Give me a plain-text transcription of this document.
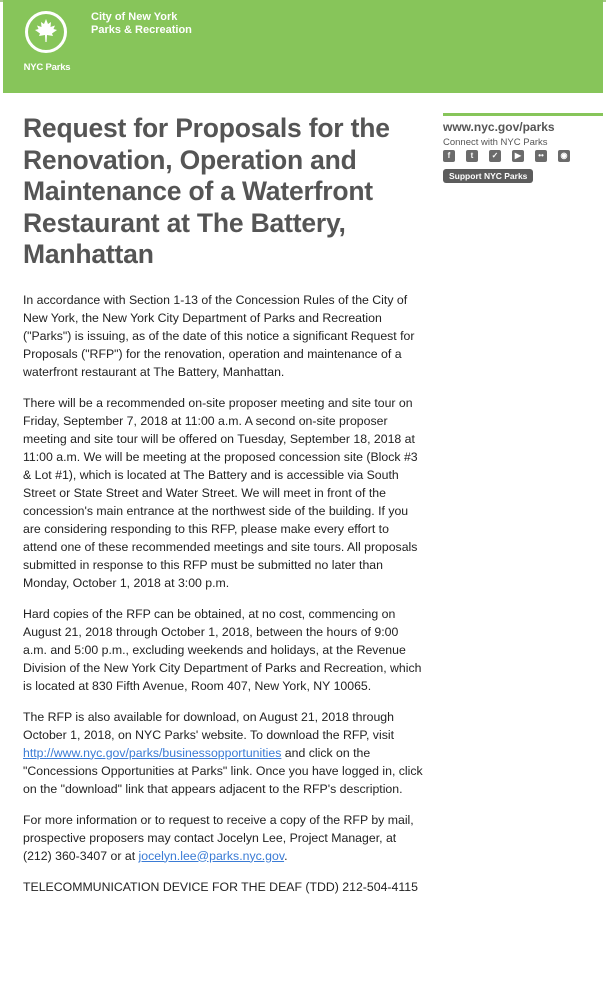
NYC Parks
City of New York
Parks & Recreation
Request for Proposals for the Renovation, Operation and Maintenance of a Waterfront Restaurant at The Battery, Manhattan

In accordance with Section 1-13 of the Concession Rules of the City of New York, the New York City Department of Parks and Recreation ("Parks") is issuing, as of the date of this notice a significant Request for Proposals ("RFP") for the renovation, operation and maintenance of a waterfront restaurant at The Battery, Manhattan.

There will be a recommended on-site proposer meeting and site tour on Friday, September 7, 2018 at 11:00 a.m. A second on-site proposer meeting and site tour will be offered on Tuesday, September 18, 2018 at 11:00 a.m. We will be meeting at the proposed concession site (Block #3 & Lot #1), which is located at The Battery and is accessible via South Street or State Street and Water Street. We will meet in front of the concession's main entrance at the northwest side of the building. If you are considering responding to this RFP, please make every effort to attend one of these recommended meetings and site tours. All proposals submitted in response to this RFP must be submitted no later than Monday, October 1, 2018 at 3:00 p.m.

Hard copies of the RFP can be obtained, at no cost, commencing on August 21, 2018 through October 1, 2018, between the hours of 9:00 a.m. and 5:00 p.m., excluding weekends and holidays, at the Revenue Division of the New York City Department of Parks and Recreation, which is located at 830 Fifth Avenue, Room 407, New York, NY 10065.

The RFP is also available for download, on August 21, 2018 through October 1, 2018, on NYC Parks' website. To download the RFP, visit http://www.nyc.gov/parks/businessopportunities and click on the "Concessions Opportunities at Parks" link. Once you have logged in, click on the "download" link that appears adjacent to the RFP's description.

For more information or to request to receive a copy of the RFP by mail, prospective proposers may contact Jocelyn Lee, Project Manager, at (212) 360-3407 or at jocelyn.lee@parks.nyc.gov.

TELECOMMUNICATION DEVICE FOR THE DEAF (TDD) 212-504-4115

www.nyc.gov/parks
Connect with NYC Parks
f	t	✓	▶	••	◉
Support NYC Parks
